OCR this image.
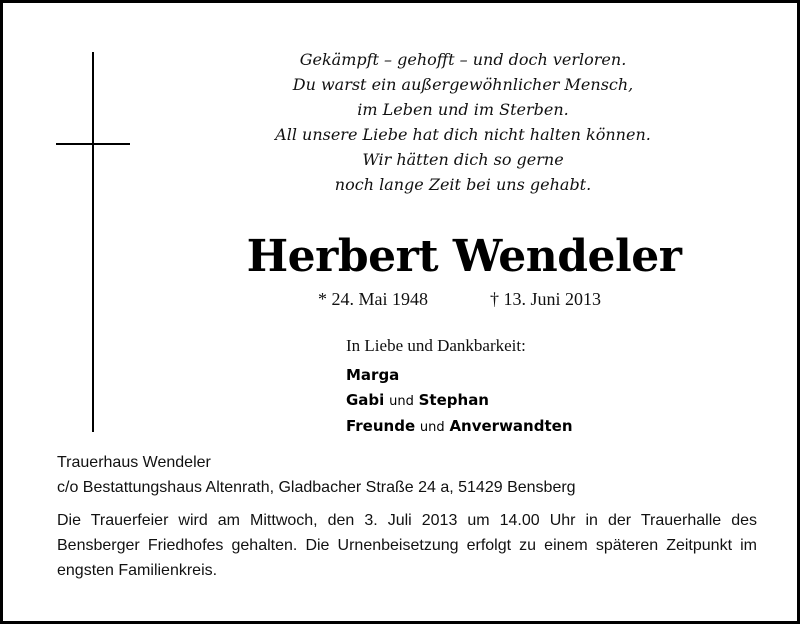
Gekämpft – gehofft – und doch verloren.
Du warst ein außergewöhnlicher Mensch,
im Leben und im Sterben.
All unsere Liebe hat dich nicht halten können.
Wir hätten dich so gerne
noch lange Zeit bei uns gehabt.
Herbert Wendeler
* 24. Mai 1948	† 13. Juni 2013
In Liebe und Dankbarkeit:
Marga
Gabi und Stephan
Freunde und Anverwandten
Trauerhaus Wendeler
c/o Bestattungshaus Altenrath, Gladbacher Straße 24 a, 51429 Bensberg
Die Trauerfeier wird am Mittwoch, den 3. Juli 2013 um 14.00 Uhr in der Trauerhalle des Bensberger Friedhofes gehalten. Die Urnenbeisetzung erfolgt zu einem späteren Zeitpunkt im engsten Familienkreis.
